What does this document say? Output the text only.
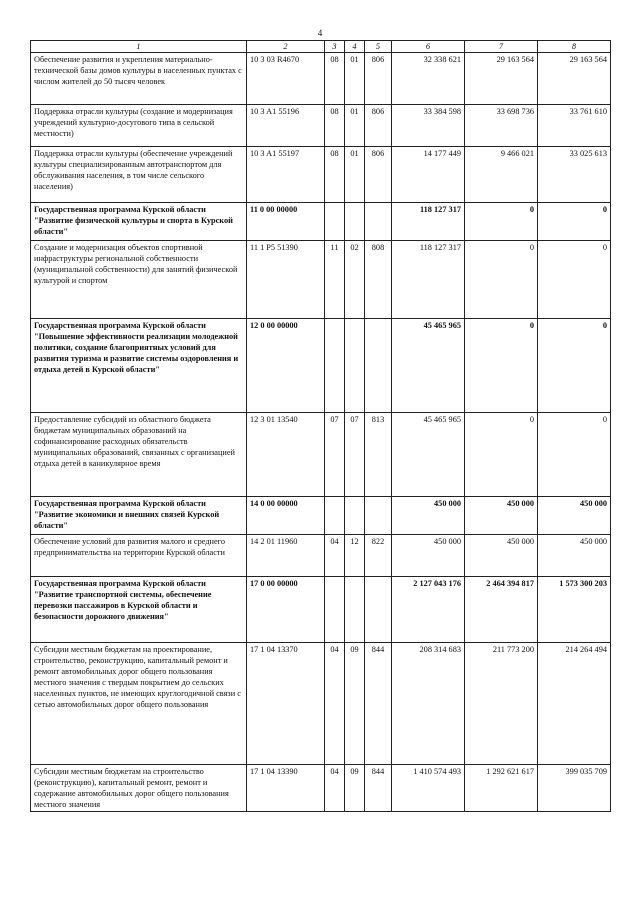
4
1	2	3	4	5	6	7	8
Обеспечение развития и укрепления материально-технической базы домов культуры в населенных пунктах с числом жителей до 50 тысяч человек	10 3 03 R4670	08	01	806	32 338 621	29 163 564	29 163 564
Поддержка отрасли культуры (создание и модернизация учреждений культурно-досугового типа в сельской местности)	10 3 A1 55196	08	01	806	33 384 598	33 698 736	33 761 610
Поддержка отрасли культуры (обеспечение учреждений культуры специализированным автотранспортом для обслуживания населения, в том числе сельского населения)	10 3 A1 55197	08	01	806	14 177 449	9 466 021	33 025 613
Государственная программа Курской области "Развитие физической культуры и спорта в Курской области"	11 0 00 00000				118 127 317	0	0
Создание и модернизация объектов спортивной инфраструктуры региональной собственности (муниципальной собственности) для занятий физической культурой и спортом	11 1 P5 51390	11	02	808	118 127 317	0	0
Государственная программа Курской области "Повышение эффективности реализации молодежной политики, создание благоприятных условий для развития туризма и развитие системы оздоровления и отдыха детей в Курской области"	12 0 00 00000				45 465 965	0	0
Предоставление субсидий из областного бюджета бюджетам муниципальных образований на софинансирование расходных обязательств муниципальных образований, связанных с организацией отдыха детей в каникулярное время	12 3 01 13540	07	07	813	45 465 965	0	0
Государственная программа Курской области "Развитие экономики и внешних связей Курской области"	14 0 00 00000				450 000	450 000	450 000
Обеспечение условий для развития малого и среднего предпринимательства на территории Курской области	14 2 01 11960	04	12	822	450 000	450 000	450 000
Государственная программа Курской области "Развитие транспортной системы, обеспечение перевозки пассажиров в Курской области и безопасности дорожного движения"	17 0 00 00000				2 127 043 176	2 464 394 817	1 573 300 203
Субсидии местным бюджетам на проектирование, строительство, реконструкцию, капитальный ремонт и ремонт автомобильных дорог общего пользования местного значения с твердым покрытием до сельских населенных пунктов, не имеющих круглогодичной связи с сетью автомобильных дорог общего пользования	17 1 04 13370	04	09	844	208 314 683	211 773 200	214 264 494
Субсидии местным бюджетам на строительство (реконструкцию), капитальный ремонт, ремонт и содержание автомобильных дорог общего пользования местного значения	17 1 04 13390	04	09	844	1 410 574 493	1 292 621 617	399 035 709
